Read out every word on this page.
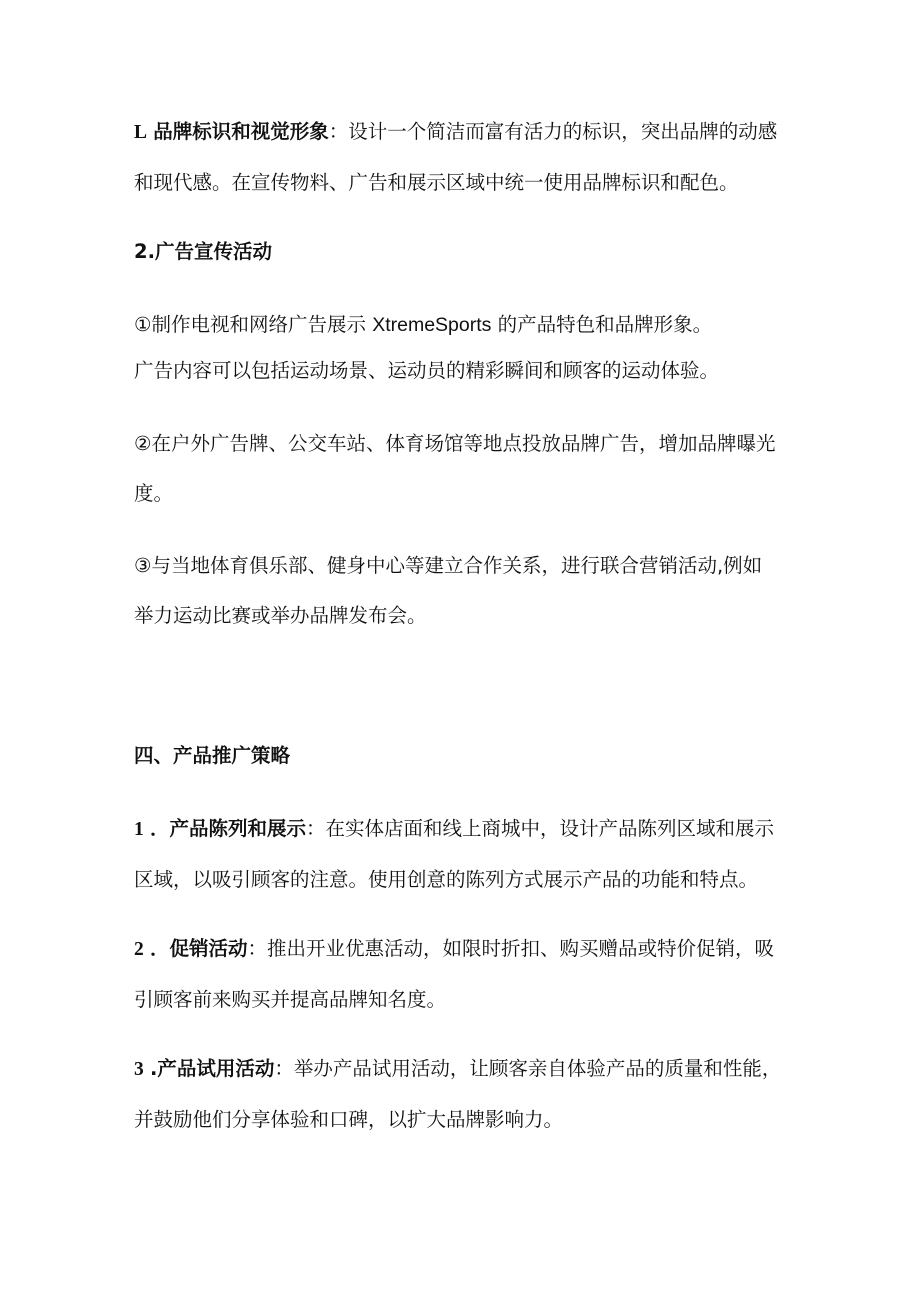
L 品牌标识和视觉形象：设计一个简洁而富有活力的标识，突出品牌的动感
和现代感。在宣传物料、广告和展示区域中统一使用品牌标识和配色。
2.广告宣传活动
①制作电视和网络广告展示 XtremeSports 的产品特色和品牌形象。
广告内容可以包括运动场景、运动员的精彩瞬间和顾客的运动体验。
②在户外广告牌、公交车站、体育场馆等地点投放品牌广告，增加品牌曝光
度。
③与当地体育俱乐部、健身中心等建立合作关系，进行联合营销活动,例如
举力运动比赛或举办品牌发布会。
四、产品推广策略
1 ．产品陈列和展示：在实体店面和线上商城中，设计产品陈列区域和展示
区域，以吸引顾客的注意。使用创意的陈列方式展示产品的功能和特点。
2 ．促销活动：推出开业优惠活动，如限时折扣、购买赠品或特价促销，吸
引顾客前来购买并提高品牌知名度。
3 .产品试用活动：举办产品试用活动，让顾客亲自体验产品的质量和性能，
并鼓励他们分享体验和口碑，以扩大品牌影响力。
